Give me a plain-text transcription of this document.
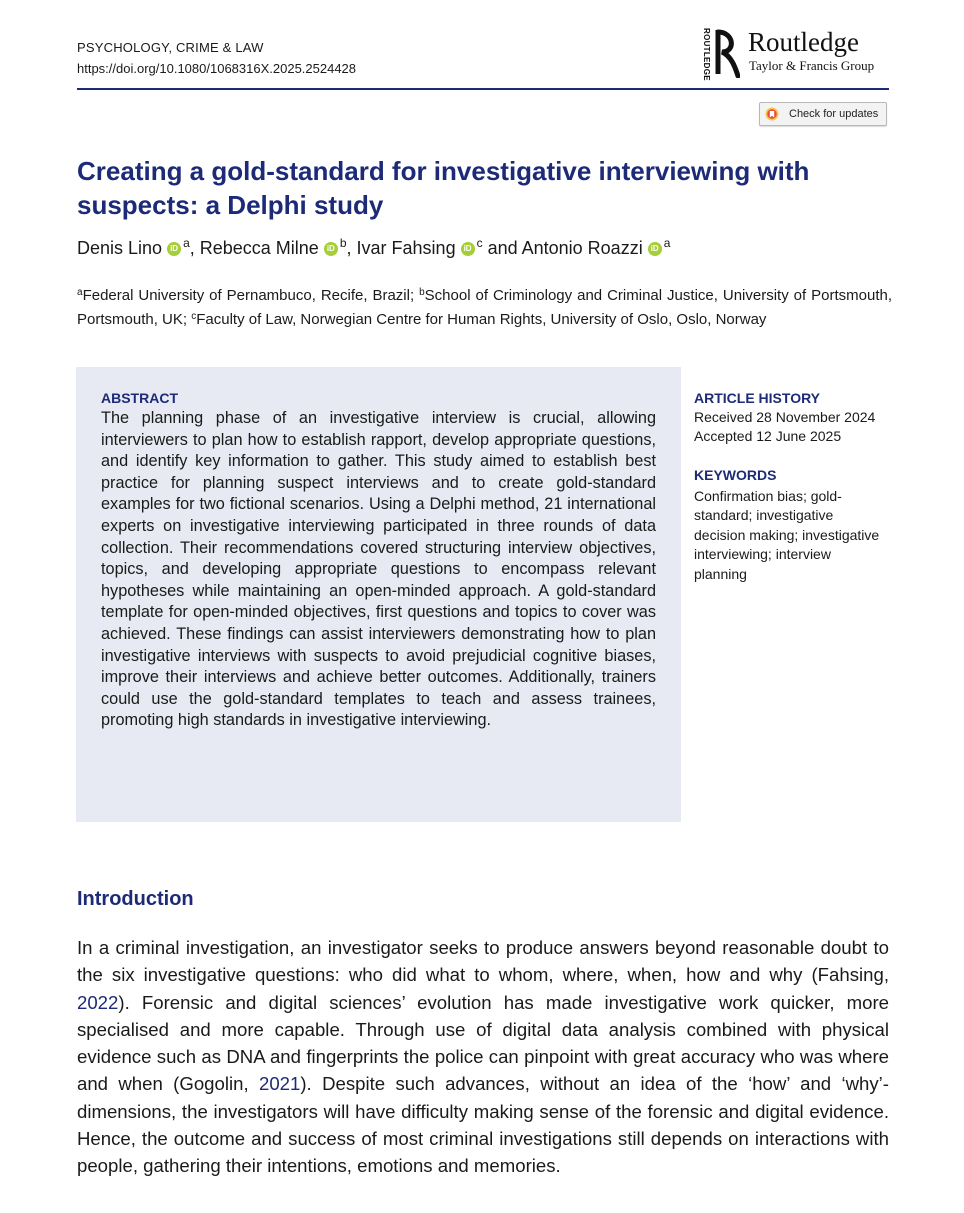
PSYCHOLOGY, CRIME & LAW
https://doi.org/10.1080/1068316X.2025.2524428	ROUTLEDGE Routledge
Taylor & Francis Group
Check for updates
Creating a gold-standard for investigative interviewing with suspects: a Delphi study
Denis Lino iD $^a$, Rebecca Milne iD $^b$, Ivar Fahsing iD $^c$ and Antonio Roazzi iD $^a$

$^a$Federal University of Pernambuco, Recife, Brazil; $^b$School of Criminology and Criminal Justice, University of Portsmouth, Portsmouth, UK; $^c$Faculty of Law, Norwegian Centre for Human Rights, University of Oslo, Oslo, Norway

ABSTRACT

The planning phase of an investigative interview is crucial, allowing interviewers to plan how to establish rapport, develop appropriate questions, and identify key information to gather. This study aimed to establish best practice for planning suspect interviews and to create gold-standard examples for two fictional scenarios. Using a Delphi method, 21 international experts on investigative interviewing participated in three rounds of data collection. Their recommendations covered structuring interview objectives, topics, and developing appropriate questions to encompass relevant hypotheses while maintaining an open-minded approach. A gold-standard template for open-minded objectives, first questions and topics to cover was achieved. These findings can assist interviewers demonstrating how to plan investigative interviews with suspects to avoid prejudicial cognitive biases, improve their interviews and achieve better outcomes. Additionally, trainers could use the gold-standard templates to teach and assess trainees, promoting high standards in investigative interviewing.

ARTICLE HISTORY
Received 28 November 2024
Accepted 12 June 2025
KEYWORDS

Confirmation bias; gold-standard; investigative decision making; investigative interviewing; interview planning

Introduction

In a criminal investigation, an investigator seeks to produce answers beyond reasonable doubt to the six investigative questions: who did what to whom, where, when, how and why (Fahsing, 2022). Forensic and digital sciences’ evolution has made investigative work quicker, more specialised and more capable. Through use of digital data analysis combined with physical evidence such as DNA and fingerprints the police can pinpoint with great accuracy who was where and when (Gogolin, 2021). Despite such advances, without an idea of the ‘how’ and ‘why’- dimensions, the investigators will have difficulty making sense of the forensic and digital evidence. Hence, the outcome and success of most criminal investigations still depends on interactions with people, gathering their intentions, emotions and memories.
